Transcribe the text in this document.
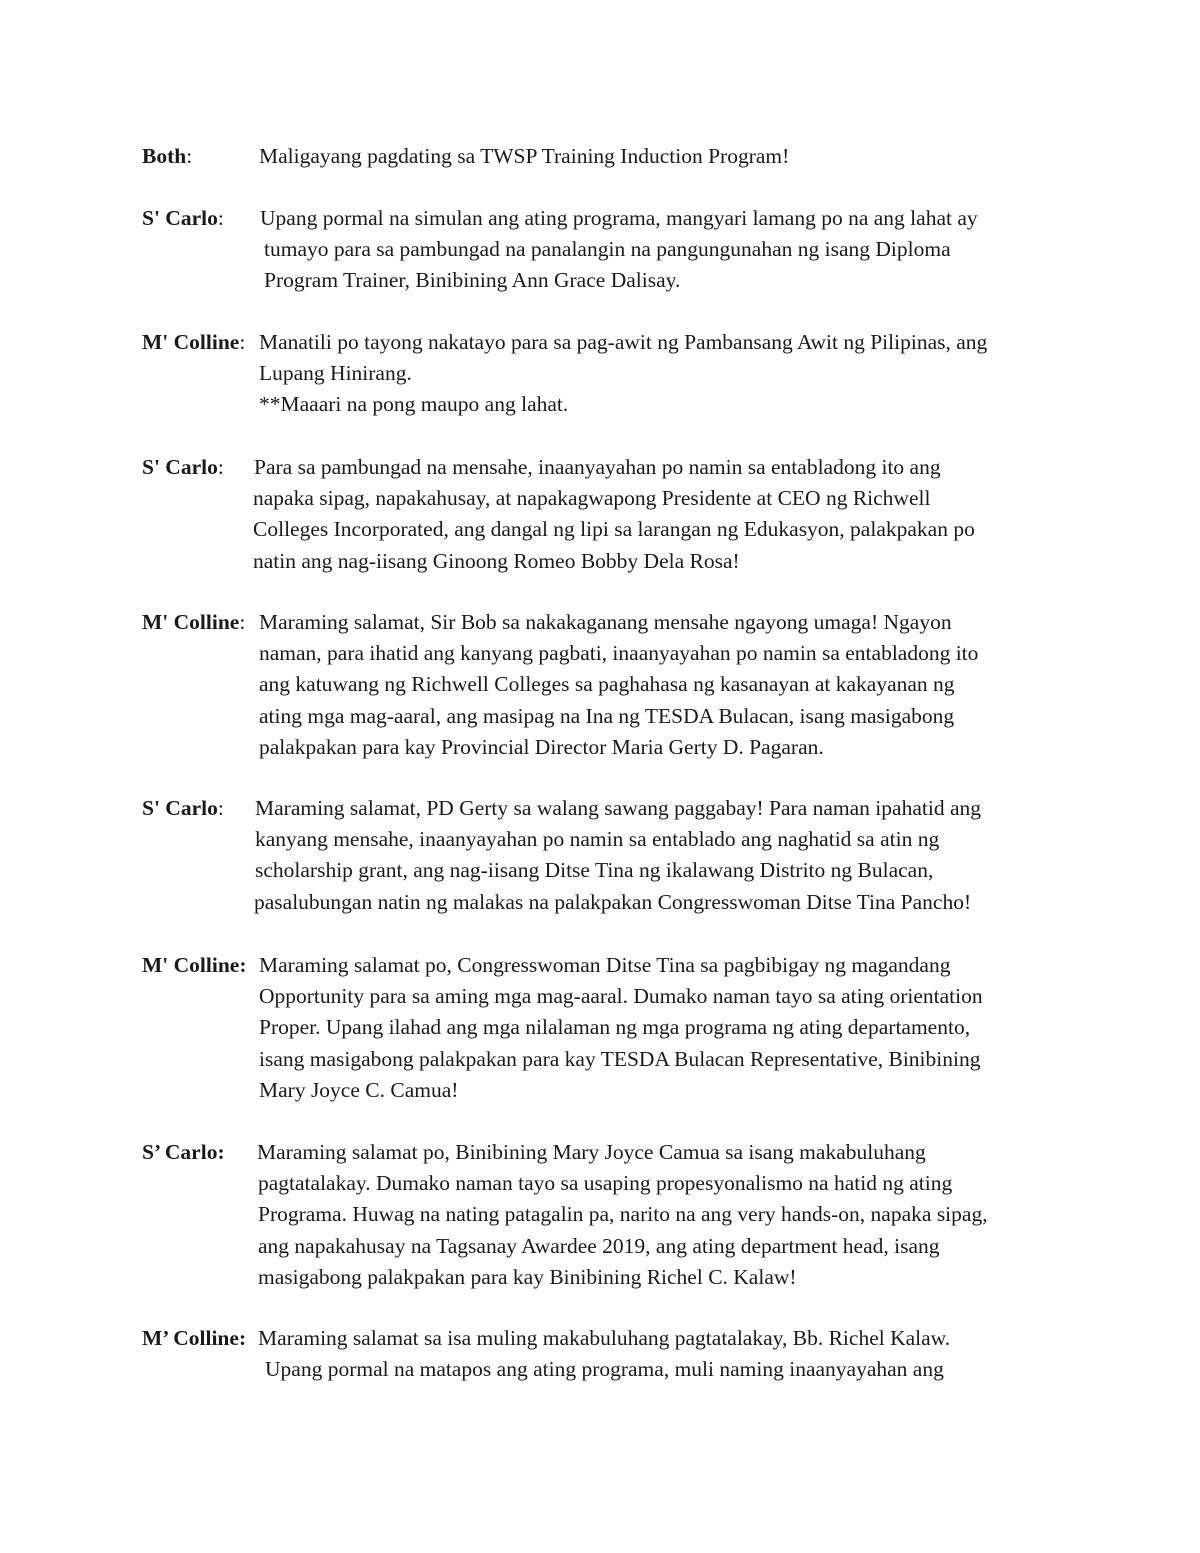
Both:	Maligayang pagdating sa TWSP Training Induction Program!
S' Carlo: Upang pormal na simulan ang ating programa, mangyari lamang po na ang lahat ay
tumayo para sa pambungad na panalangin na pangungunahan ng isang Diploma
Program Trainer, Binibining Ann Grace Dalisay.
M' Colline: Manatili po tayong nakatayo para sa pag-awit ng Pambansang Awit ng Pilipinas, ang
Lupang Hinirang.
**Maaari na pong maupo ang lahat.
S' Carlo: Para sa pambungad na mensahe, inaanyayahan po namin sa entabladong ito ang
napaka sipag, napakahusay, at napakagwapong Presidente at CEO ng Richwell
Colleges Incorporated, ang dangal ng lipi sa larangan ng Edukasyon, palakpakan po
natin ang nag-iisang Ginoong Romeo Bobby Dela Rosa!
M' Colline: Maraming salamat, Sir Bob sa nakakaganang mensahe ngayong umaga! Ngayon
naman, para ihatid ang kanyang pagbati, inaanyayahan po namin sa entabladong ito
ang katuwang ng Richwell Colleges sa paghahasa ng kasanayan at kakayanan ng
ating mga mag-aaral, ang masipag na Ina ng TESDA Bulacan, isang masigabong
palakpakan para kay Provincial Director Maria Gerty D. Pagaran.
S' Carlo: Maraming salamat, PD Gerty sa walang sawang paggabay! Para naman ipahatid ang
kanyang mensahe, inaanyayahan po namin sa entablado ang naghatid sa atin ng
scholarship grant, ang nag-iisang Ditse Tina ng ikalawang Distrito ng Bulacan,
pasalubungan natin ng malakas na palakpakan Congresswoman Ditse Tina Pancho!
M' Colline: Maraming salamat po, Congresswoman Ditse Tina sa pagbibigay ng magandang
Opportunity para sa aming mga mag-aaral. Dumako naman tayo sa ating orientation
Proper. Upang ilahad ang mga nilalaman ng mga programa ng ating departamento,
isang masigabong palakpakan para kay TESDA Bulacan Representative, Binibining
Mary Joyce C. Camua!
S’ Carlo: Maraming salamat po, Binibining Mary Joyce Camua sa isang makabuluhang
pagtatalakay. Dumako naman tayo sa usaping propesyonalismo na hatid ng ating
Programa. Huwag na nating patagalin pa, narito na ang very hands-on, napaka sipag,
ang napakahusay na Tagsanay Awardee 2019, ang ating department head, isang
masigabong palakpakan para kay Binibining Richel C. Kalaw!
M’ Colline: Maraming salamat sa isa muling makabuluhang pagtatalakay, Bb. Richel Kalaw.
Upang pormal na matapos ang ating programa, muli naming inaanyayahan ang
